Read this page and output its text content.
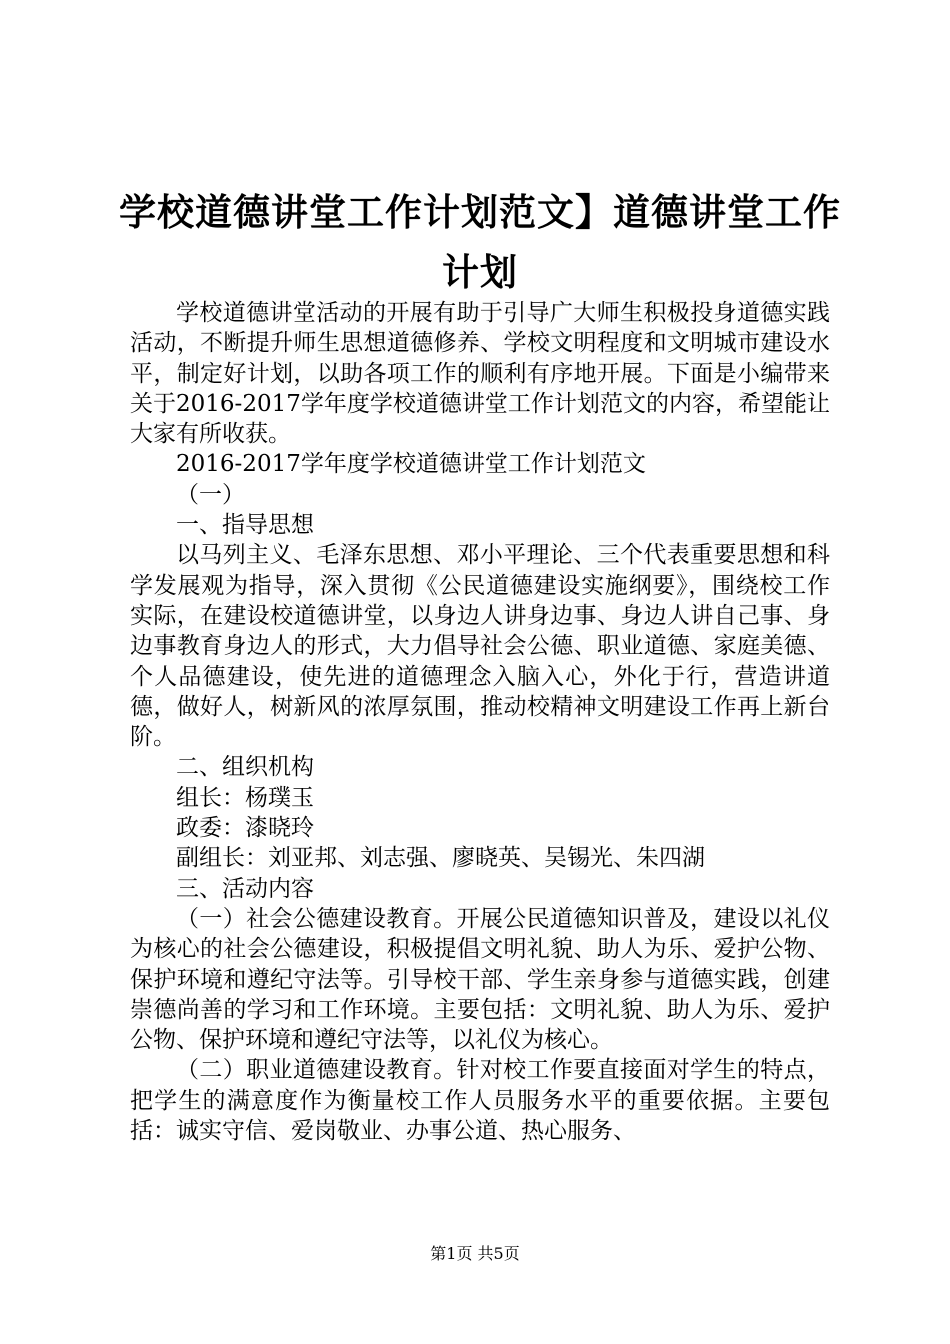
学校道德讲堂工作计划范文】道德讲堂工作计划

学校道德讲堂活动的开展有助于引导广大师生积极投身道德实践活动，不断提升师生思想道德修养、学校文明程度和文明城市建设水平，制定好计划，以助各项工作的顺利有序地开展。下面是小编带来关于2016-2017学年度学校道德讲堂工作计划范文的内容，希望能让大家有所收获。

2016-2017学年度学校道德讲堂工作计划范文

（一）

一、指导思想

以马列主义、毛泽东思想、邓小平理论、三个代表重要思想和科学发展观为指导，深入贯彻《公民道德建设实施纲要》，围绕校工作实际，在建设校道德讲堂，以身边人讲身边事、身边人讲自己事、身边事教育身边人的形式，大力倡导社会公德、职业道德、家庭美德、个人品德建设，使先进的道德理念入脑入心，外化于行，营造讲道德，做好人，树新风的浓厚氛围，推动校精神文明建设工作再上新台阶。

二、组织机构

组长：杨璞玉

政委：漆晓玲

副组长：刘亚邦、刘志强、廖晓英、吴锡光、朱四湖

三、活动内容

（一）社会公德建设教育。开展公民道德知识普及，建设以礼仪为核心的社会公德建设，积极提倡文明礼貌、助人为乐、爱护公物、保护环境和遵纪守法等。引导校干部、学生亲身参与道德实践，创建崇德尚善的学习和工作环境。主要包括：文明礼貌、助人为乐、爱护公物、保护环境和遵纪守法等，以礼仪为核心。

（二）职业道德建设教育。针对校工作要直接面对学生的特点，把学生的满意度作为衡量校工作人员服务水平的重要依据。主要包括：诚实守信、爱岗敬业、办事公道、热心服务、

第1页 共5页
